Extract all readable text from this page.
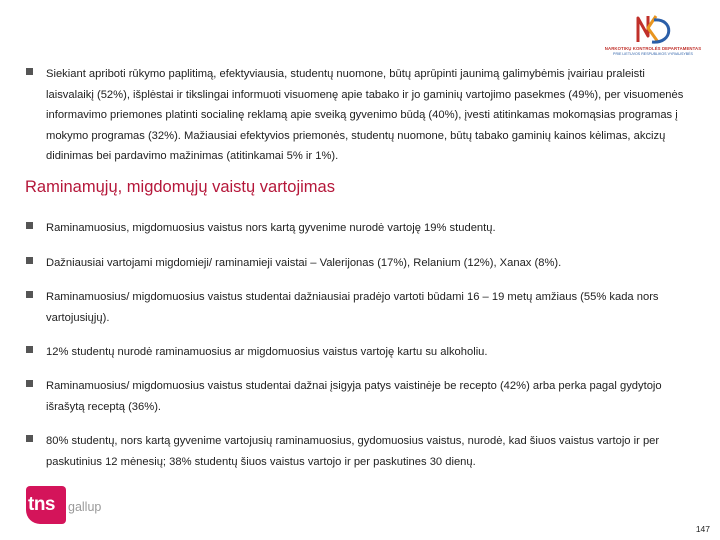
NARKOTIKŲ KONTROLĖS DEPARTAMENTAS
PRIE LIETUVOS RESPUBLIKOS VYRIAUSYBĖS
Siekiant apriboti rūkymo paplitimą, efektyviausia, studentų nuomone, būtų aprūpinti jaunimą galimybėmis įvairiau praleisti laisvalaikį (52%), išplėstai ir tikslingai informuoti visuomenę apie tabako ir jo gaminių vartojimo pasekmes (49%), per visuomenės informavimo priemones platinti socialinę reklamą apie sveiką gyvenimo būdą (40%), įvesti atitinkamas mokomąsias programas į mokymo programas (32%). Mažiausiai efektyvios priemonės, studentų nuomone, būtų tabako gaminių kainos kėlimas, akcizų didinimas bei pardavimo mažinimas (atitinkamai 5% ir 1%).
Raminamųjų, migdomųjų vaistų vartojimas
Raminamuosius, migdomuosius vaistus nors kartą gyvenime nurodė vartoję 19% studentų.
Dažniausiai vartojami migdomieji/ raminamieji vaistai – Valerijonas (17%), Relanium (12%), Xanax (8%).
Raminamuosius/ migdomuosius vaistus studentai dažniausiai pradėjo vartoti būdami 16 – 19 metų amžiaus (55% kada nors vartojusiųjų).
12% studentų nurodė raminamuosius ar migdomuosius vaistus vartoję kartu su alkoholiu.
Raminamuosius/ migdomuosius vaistus studentai dažnai įsigyja patys vaistinėje be recepto (42%) arba perka pagal gydytojo išrašytą receptą (36%).
80% studentų, nors kartą gyvenime vartojusių raminamuosius, gydomuosius vaistus, nurodė, kad šiuos vaistus vartojo ir per paskutinius 12 mėnesių; 38% studentų šiuos vaistus vartojo ir per paskutines 30 dienų.
tns gallup
147
